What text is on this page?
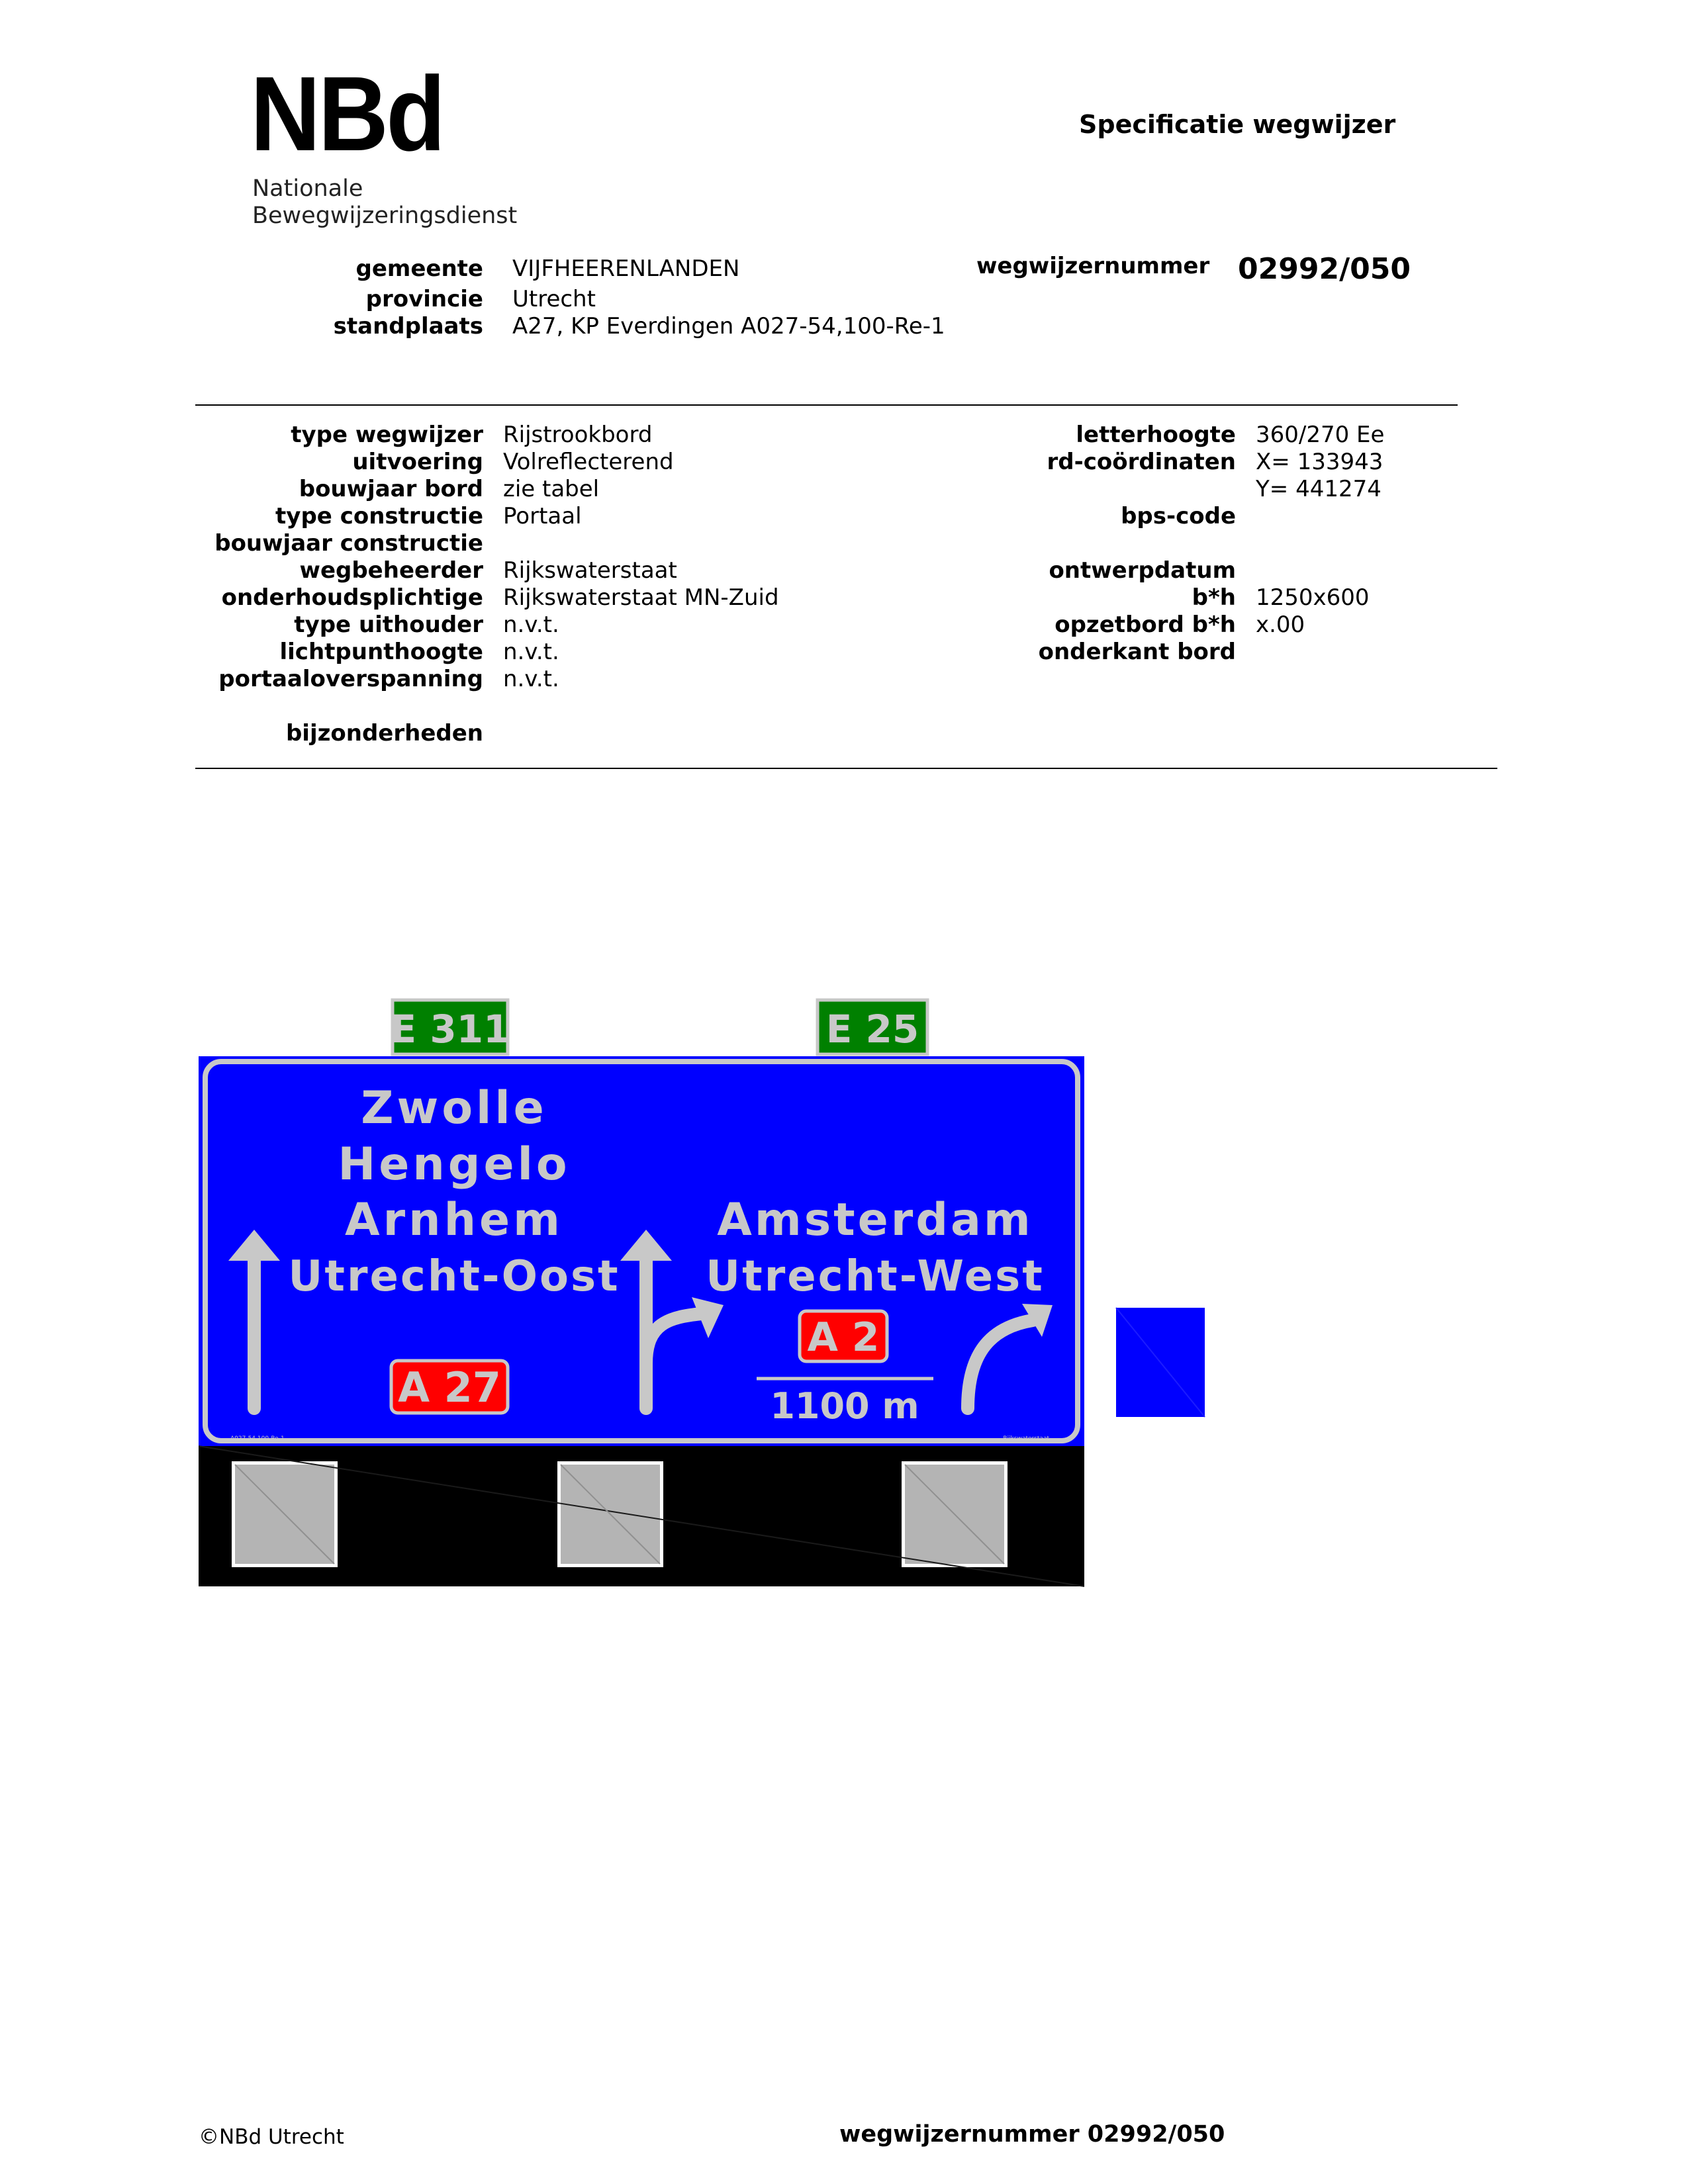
NBd
Nationale
Bewegwijzeringsdienst
Specificatie wegwijzer
gemeente VIJFHEERENLANDEN
provincie Utrecht
standplaats A27, KP Everdingen A027-54,100-Re-1
wegwijzernummer 02992/050
type wegwijzer Rijstrookbord
uitvoering Volreflecterend
bouwjaar bord zie tabel
type constructie Portaal
bouwjaar constructie
wegbeheerder Rijkswaterstaat
onderhoudsplichtige Rijkswaterstaat MN-Zuid
type uithouder n.v.t.
lichtpunthoogte n.v.t.
portaaloverspanning n.v.t.
bijzonderheden
letterhoogte 360/270 Ee
rd-coördinaten X= 133943
Y= 441274
bps-code
ontwerpdatum
b*h 1250x600
opzetbord b*h x.00
onderkant bord
E 311	E 25
Zwolle
Hengelo
Arnhem
Utrecht-Oost
Amsterdam
Utrecht-West
A 27
A 2
1100 m
A027-54,100-Re-1	Rijkswaterstaat
©NBd Utrecht	wegwijzernummer 02992/050
